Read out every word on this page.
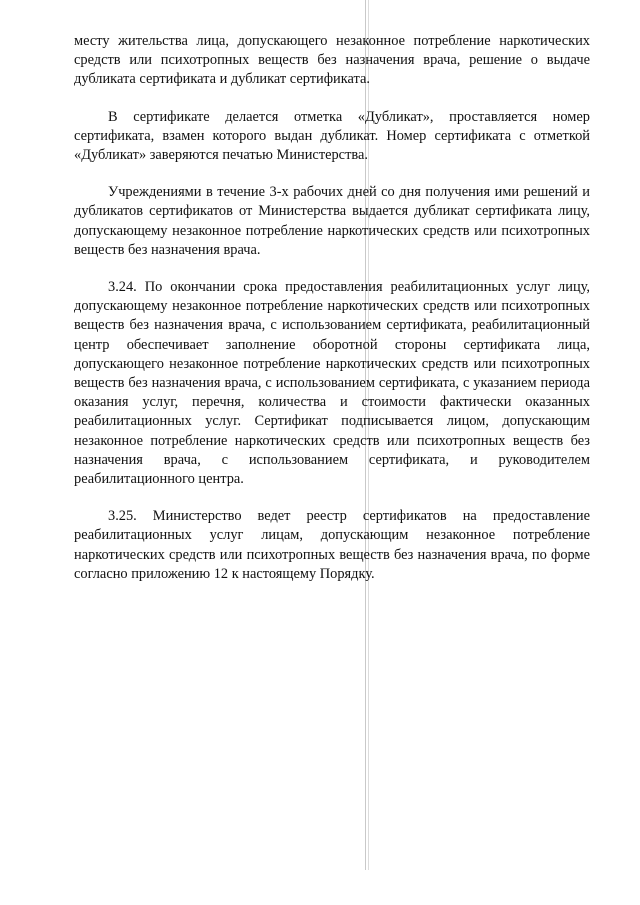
месту жительства лица, допускающего незаконное потребление наркотических средств или психотропных веществ без назначения врача, решение о выдаче дубликата сертификата и дубликат сертификата.

В сертификате делается отметка «Дубликат», проставляется номер сертификата, взамен которого выдан дубликат. Номер сертификата с отметкой «Дубликат» заверяются печатью Министерства.

Учреждениями в течение 3-х рабочих дней со дня получения ими решений и дубликатов сертификатов от Министерства выдается дубликат сертификата лицу, допускающему незаконное потребление наркотических средств или психотропных веществ без назначения врача.

3.24. По окончании срока предоставления реабилитационных услуг лицу, допускающему незаконное потребление наркотических средств или психотропных веществ без назначения врача, с использованием сертификата, реабилитационный центр обеспечивает заполнение оборотной стороны сертификата лица, допускающего незаконное потребление наркотических средств или психотропных веществ без назначения врача, с использованием сертификата, с указанием периода оказания услуг, перечня, количества и стоимости фактически оказанных реабилитационных услуг. Сертификат подписывается лицом, допускающим незаконное потребление наркотических средств или психотропных веществ без назначения врача, с использованием сертификата, и руководителем реабилитационного центра.

3.25. Министерство ведет реестр сертификатов на предоставление реабилитационных услуг лицам, допускающим незаконное потребление наркотических средств или психотропных веществ без назначения врача, по форме согласно приложению 12 к настоящему Порядку.
